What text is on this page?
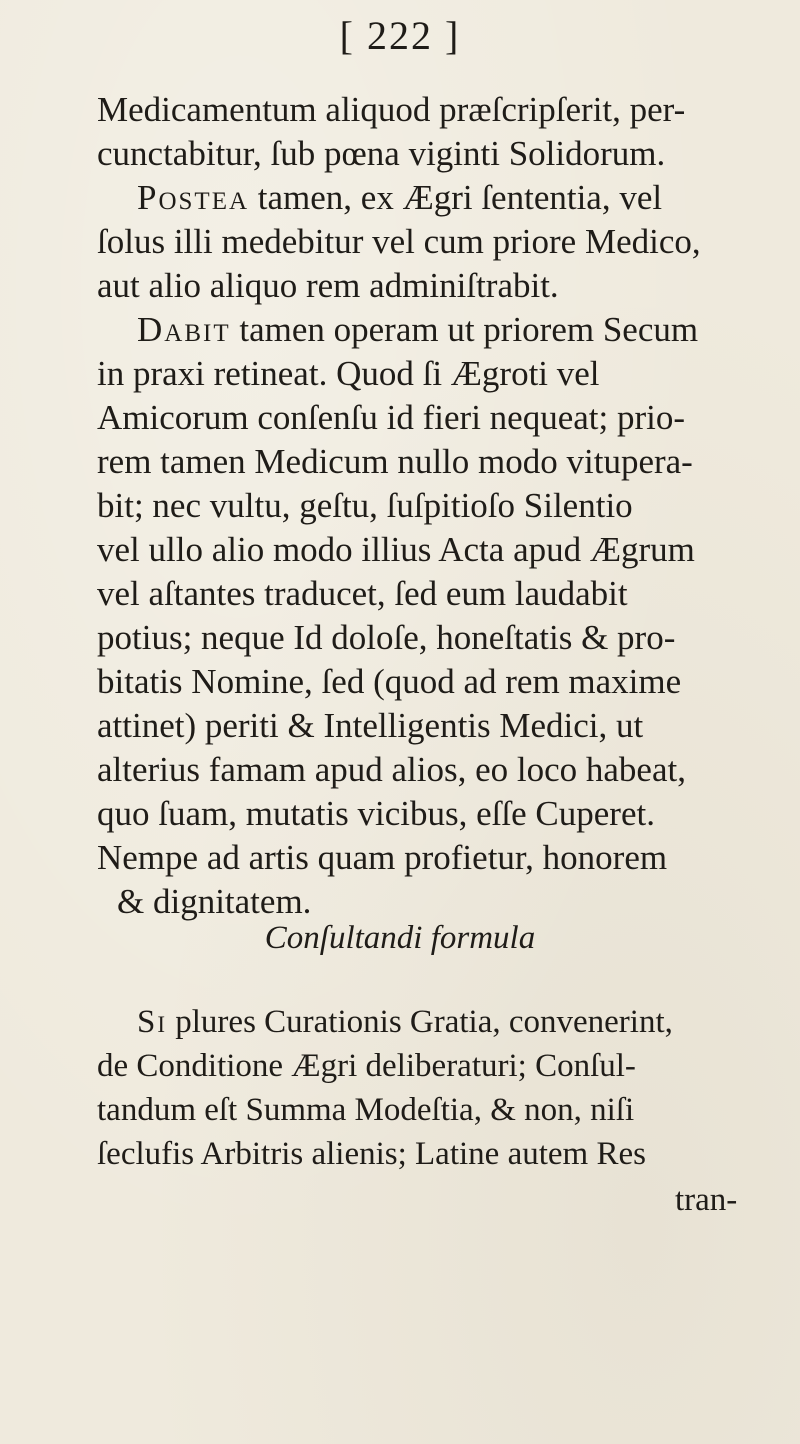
[ 222 ]
Medicamentum aliquod præſcripſerit, per-
cunctabitur, ſub pœna viginti Solidorum.
Postea tamen, ex Ægri ſententia, vel
ſolus illi medebitur vel cum priore Medico,
aut alio aliquo rem adminiſtrabit.
Dabit tamen operam ut priorem Secum
in praxi retineat. Quod ſi Ægroti vel
Amicorum conſenſu id fieri nequeat; prio-
rem tamen Medicum nullo modo vitupera-
bit; nec vultu, geſtu, ſuſpitioſo Silentio
vel ullo alio modo illius Acta apud Ægrum
vel aſtantes traducet, ſed eum laudabit
potius; neque Id doloſe, honeſtatis & pro-
bitatis Nomine, ſed (quod ad rem maxime
attinet) periti & Intelligentis Medici, ut
alterius famam apud alios, eo loco habeat,
quo ſuam, mutatis vicibus, eſſe Cuperet.
Nempe ad artis quam profietur, honorem
& dignitatem.
Si plures Curationis Gratia, convenerint,
de Conditione Ægri deliberaturi; Conſul-
tandum eſt Summa Modeſtia, & non, niſi
ſeclufis Arbitris alienis; Latine autem Res
tran-
Conſultandi formula
